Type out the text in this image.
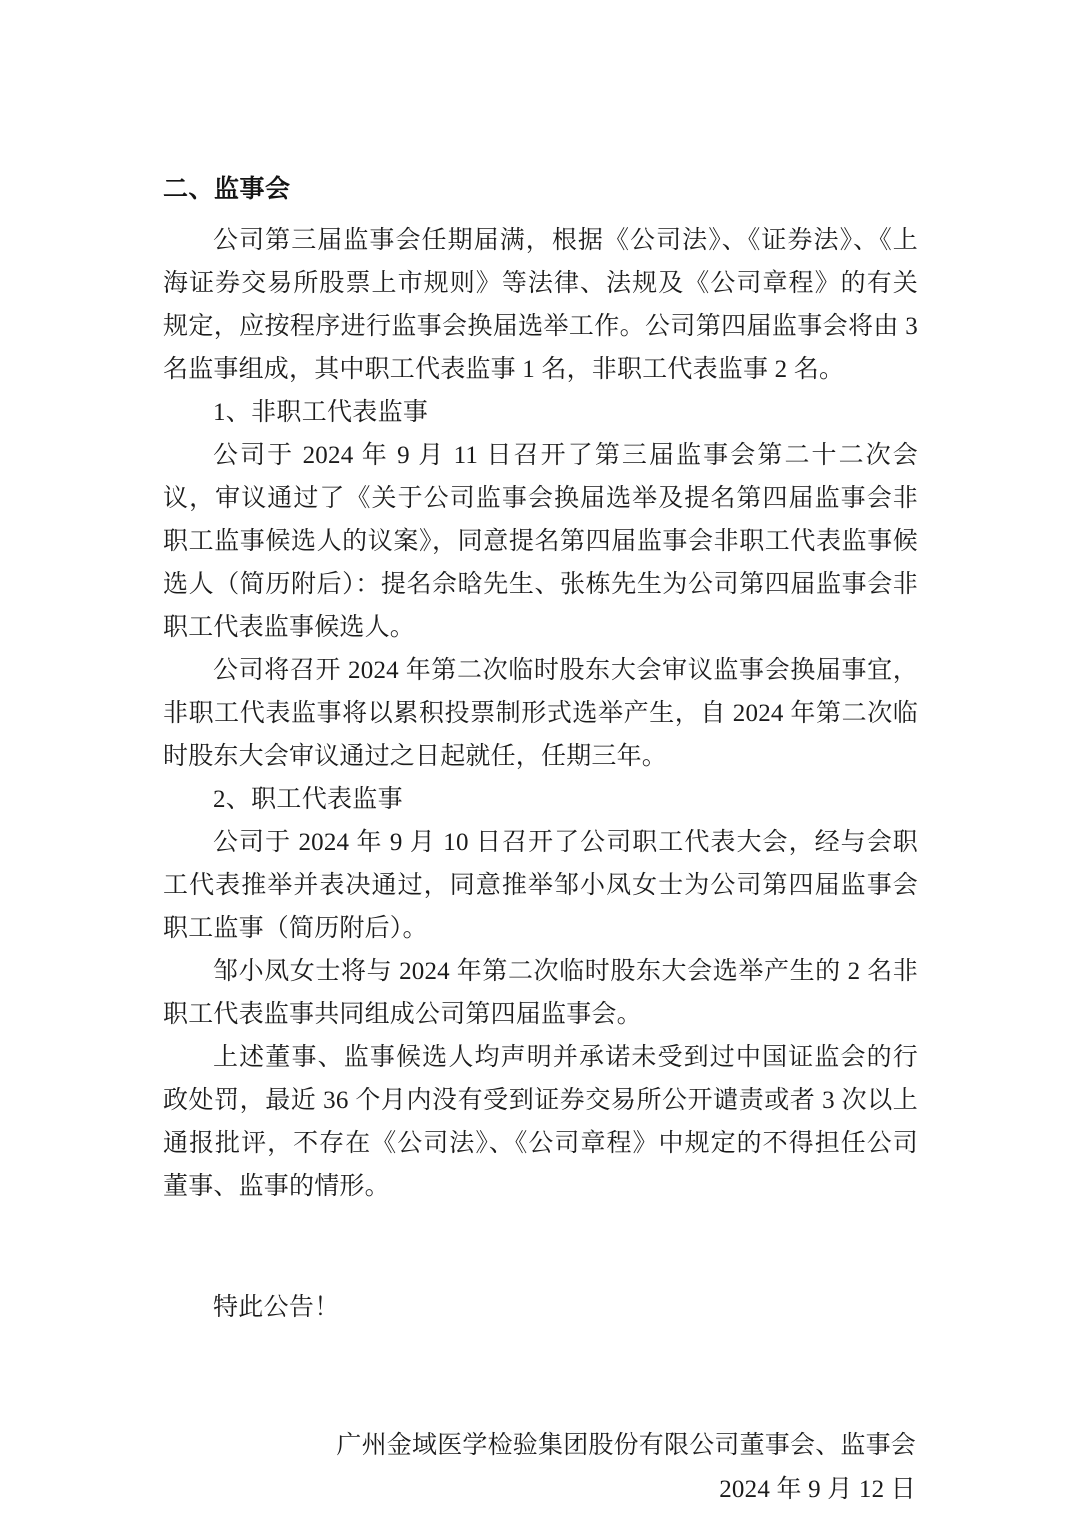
二、监事会

公司第三届监事会任期届满，根据《公司法》、《证券法》、《上海证券交易所股票上市规则》等法律、法规及《公司章程》的有关规定，应按程序进行监事会换届选举工作。公司第四届监事会将由 3 名监事组成，其中职工代表监事 1 名，非职工代表监事 2 名。

1、非职工代表监事

公司于 2024 年 9 月 11 日召开了第三届监事会第二十二次会议，审议通过了《关于公司监事会换届选举及提名第四届监事会非职工监事候选人的议案》，同意提名第四届监事会非职工代表监事候选人（简历附后）：提名佘晗先生、张栋先生为公司第四届监事会非职工代表监事候选人。

公司将召开 2024 年第二次临时股东大会审议监事会换届事宜，非职工代表监事将以累积投票制形式选举产生，自 2024 年第二次临时股东大会审议通过之日起就任，任期三年。

2、职工代表监事

公司于 2024 年 9 月 10 日召开了公司职工代表大会，经与会职工代表推举并表决通过，同意推举邹小凤女士为公司第四届监事会职工监事（简历附后）。

邹小凤女士将与 2024 年第二次临时股东大会选举产生的 2 名非职工代表监事共同组成公司第四届监事会。

上述董事、监事候选人均声明并承诺未受到过中国证监会的行政处罚，最近 36 个月内没有受到证券交易所公开谴责或者 3 次以上通报批评，不存在《公司法》、《公司章程》中规定的不得担任公司董事、监事的情形。

特此公告！

广州金域医学检验集团股份有限公司董事会、监事会

2024 年 9 月 12 日
